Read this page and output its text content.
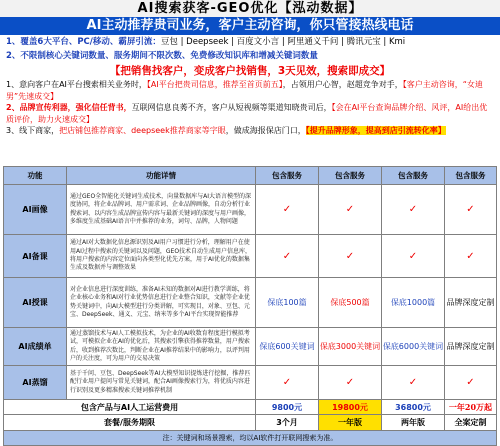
AI搜索获客-GEO优化【泓动数据】
AI主动推荐贵司业务，客户主动咨询，你只管接热线电话
1、覆盖6大平台、PC/移动、霸屏引流：豆包 | Deepseek | 百度文小言 | 阿里通义千问 | 腾讯元宝 | Kmi
2、不限制核心关键词数量、服务期间不限次数、免费修改知识库和增减关键词数量
【把销售找客户，变成客户找销售，3天见效，搜索即成交】
1、意向客户在AI平台搜索相关业务时，【AI平台把贵司信息，推荐至首页前五】，占领用户心智，赵超竞争对手，【客户主动咨询，“女迪男”先速成交】
2、品牌宣传利器，强化信任背书，互联网信息良莠不齐，客户从短视频等渠道知晓贵司后，【会在AI平台查询品牌介绍、风评，AI给出优质评价，助力火速成交】
3、线下商家，把店铺包推荐商家、deepseek推荐商家等字眼，做成海报保店门口，【提升品牌形象，提高到店引流转化率】
功能	功能详情	包含服务	包含服务	包含服务	包含服务
AI画像	通过GEO全智能化关键词生成技术，向量数据库与AI大语言模型的深度协同，将企业品牌词、用户需求词、企业品牌画像，自动分析行业搜索词、以内容生成品牌宣传内容与最新关键词的深度与用户画像，多维度生成基础AI语言中并推荐的业务，词句、品牌，人物问题	✓	✓	✓	✓
AI备课	通过AI对大数据化信息源识别及AI用户习惯进行分析，理解用户在使用AI过程中搜索的关键词以及问题，GEO技术自动生成用户信息库，将用户搜索的内容定位面向各类型化优先方案，用于AI优化的数据集生成及数据并与调整效果	✓	✓	✓	✓
AI授课	对企业信息进行深度训练，准备AI未知的数据对AI进行教学训练，将企业核心业务和AI对行业优势信息进行企业整合知识，文献等企业优势关键词中，向AI大模型进行分类讲解，可实现目，对象、豆包、元宝、DeepSeek、通义、元宝、纳米等多个AI平台实现智能推荐	保底100篇	保底500篇	保底1000篇	品牌深度定制
AI成绩单	通过蒸馏技术与AI人工模拟技术，为企业的AI收数育程度进行模拟考试，可模拟企业在AI的优化后，其搜索引擎获得推荐数量，用户搜索后，收到推荐次数比，判断企业在AI推荐结果中的影响力，以评判用户的关注度，可为用户的交易决策	保底600关键词	保底3000关键词	保底6000关键词	品牌深度定制
AI蒸馏	基于千问、豆包、DeepSeek等AI大模型知识提炼进行挖掘，推荐匹配行业用户提问与常见关键词，配合AI画像搜索行为，将优质内容进行识别及更多精准搜索关键词推荐机制	✓	✓	✓	✓
包含产品与AI人工运营费用		9800元	19800元	36800元	一年20万起
套餐/服务期限		3个月	一年版	两年版	全案定制
注：关键词和场景搜索，均以AI软件打开联网搜索为准。					
